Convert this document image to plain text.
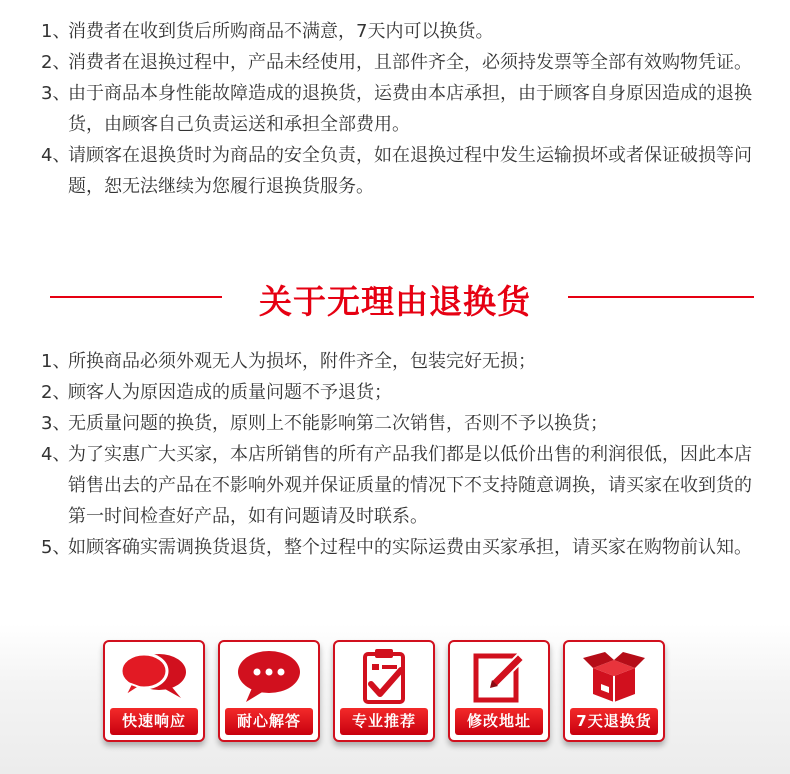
1、
消费者在收到货后所购商品不满意，7天内可以换货。
2、
消费者在退换过程中，产品未经使用，且部件齐全，必须持发票等全部有效购物凭证。
3、
由于商品本身性能故障造成的退换货，运费由本店承担，由于顾客自身原因造成的退换货，由顾客自己负责运送和承担全部费用。
4、
请顾客在退换货时为商品的安全负责，如在退换过程中发生运输损坏或者保证破损等问题，恕无法继续为您履行退换货服务。
关于无理由退换货
1、
所换商品必须外观无人为损坏，附件齐全，包装完好无损；
2、
顾客人为原因造成的质量问题不予退货；
3、
无质量问题的换货，原则上不能影响第二次销售，否则不予以换货；
4、
为了实惠广大买家，本店所销售的所有产品我们都是以低价出售的利润很低，因此本店销售出去的产品在不影响外观并保证质量的情况下不支持随意调换，请买家在收到货的第一时间检查好产品，如有问题请及时联系。
5、
如顾客确实需调换货退货，整个过程中的实际运费由买家承担，请买家在购物前认知。
快速响应	耐心解答	专业推荐	修改地址	7天退换货
